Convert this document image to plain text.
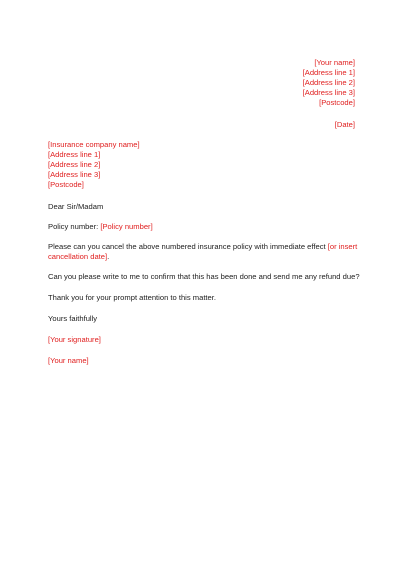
[Your name]
[Address line 1]
[Address line 2]
[Address line 3]
[Postcode]
[Date]
[Insurance company name]
[Address line 1]
[Address line 2]
[Address line 3]
[Postcode]

Dear Sir/Madam

Policy number: [Policy number]

Please can you cancel the above numbered insurance policy with immediate effect [or insert cancellation date].

Can you please write to me to confirm that this has been done and send me any refund due?

Thank you for your prompt attention to this matter.

Yours faithfully

[Your signature]

[Your name]
